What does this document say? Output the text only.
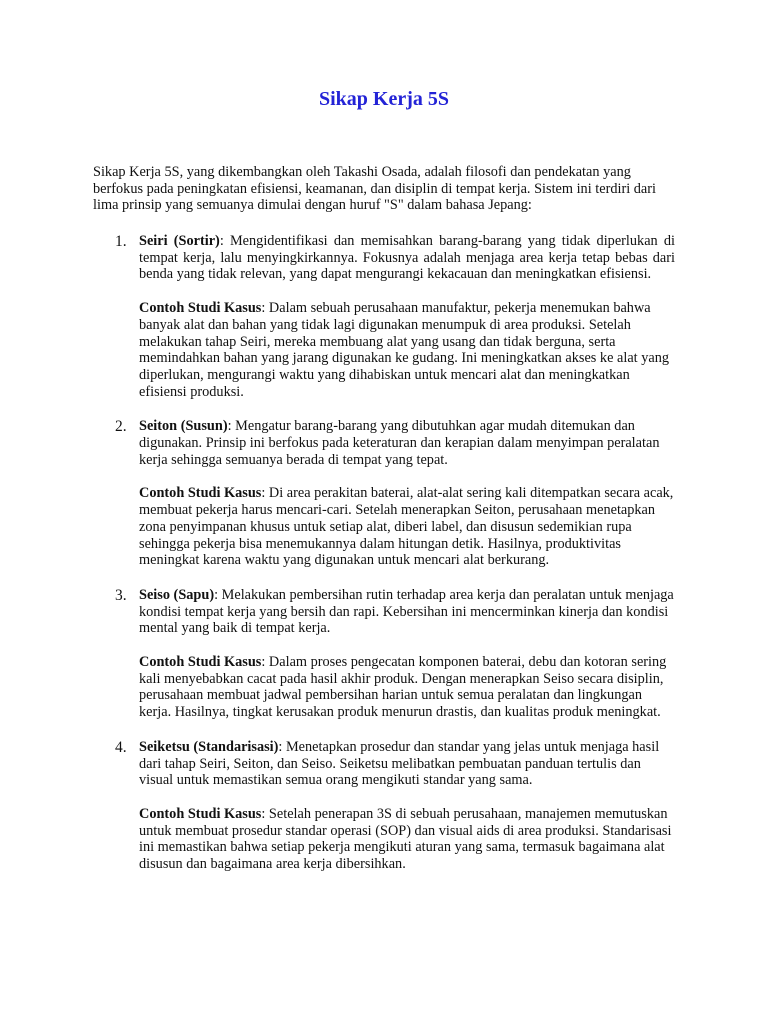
Sikap Kerja 5S

Sikap Kerja 5S, yang dikembangkan oleh Takashi Osada, adalah filosofi dan pendekatan yang berfokus pada peningkatan efisiensi, keamanan, dan disiplin di tempat kerja. Sistem ini terdiri dari lima prinsip yang semuanya dimulai dengan huruf "S" dalam bahasa Jepang:

1. Seiri (Sortir): Mengidentifikasi dan memisahkan barang-barang yang tidak diperlukan di tempat kerja, lalu menyingkirkannya. Fokusnya adalah menjaga area kerja tetap bebas dari benda yang tidak relevan, yang dapat mengurangi kekacauan dan meningkatkan efisiensi.

Contoh Studi Kasus: Dalam sebuah perusahaan manufaktur, pekerja menemukan bahwa banyak alat dan bahan yang tidak lagi digunakan menumpuk di area produksi. Setelah melakukan tahap Seiri, mereka membuang alat yang usang dan tidak berguna, serta memindahkan bahan yang jarang digunakan ke gudang. Ini meningkatkan akses ke alat yang diperlukan, mengurangi waktu yang dihabiskan untuk mencari alat dan meningkatkan efisiensi produksi.

2. Seiton (Susun): Mengatur barang-barang yang dibutuhkan agar mudah ditemukan dan digunakan. Prinsip ini berfokus pada keteraturan dan kerapian dalam menyimpan peralatan kerja sehingga semuanya berada di tempat yang tepat.

Contoh Studi Kasus: Di area perakitan baterai, alat-alat sering kali ditempatkan secara acak, membuat pekerja harus mencari-cari. Setelah menerapkan Seiton, perusahaan menetapkan zona penyimpanan khusus untuk setiap alat, diberi label, dan disusun sedemikian rupa sehingga pekerja bisa menemukannya dalam hitungan detik. Hasilnya, produktivitas meningkat karena waktu yang digunakan untuk mencari alat berkurang.

3. Seiso (Sapu): Melakukan pembersihan rutin terhadap area kerja dan peralatan untuk menjaga kondisi tempat kerja yang bersih dan rapi. Kebersihan ini mencerminkan kinerja dan kondisi mental yang baik di tempat kerja.

Contoh Studi Kasus: Dalam proses pengecatan komponen baterai, debu dan kotoran sering kali menyebabkan cacat pada hasil akhir produk. Dengan menerapkan Seiso secara disiplin, perusahaan membuat jadwal pembersihan harian untuk semua peralatan dan lingkungan kerja. Hasilnya, tingkat kerusakan produk menurun drastis, dan kualitas produk meningkat.

4. Seiketsu (Standarisasi): Menetapkan prosedur dan standar yang jelas untuk menjaga hasil dari tahap Seiri, Seiton, dan Seiso. Seiketsu melibatkan pembuatan panduan tertulis dan visual untuk memastikan semua orang mengikuti standar yang sama.

Contoh Studi Kasus: Setelah penerapan 3S di sebuah perusahaan, manajemen memutuskan untuk membuat prosedur standar operasi (SOP) dan visual aids di area produksi. Standarisasi ini memastikan bahwa setiap pekerja mengikuti aturan yang sama, termasuk bagaimana alat disusun dan bagaimana area kerja dibersihkan.
